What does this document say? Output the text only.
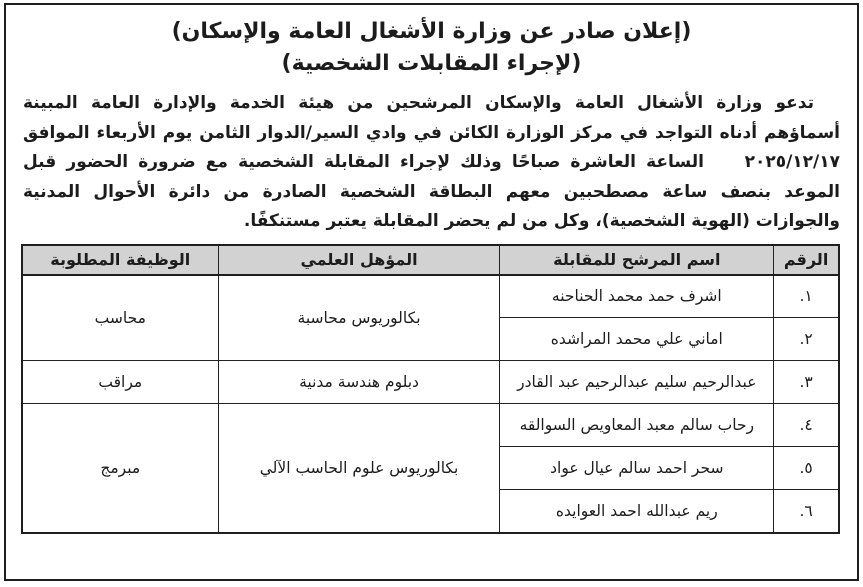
(إعلان صادر عن وزارة الأشغال العامة والإسكان)
(لإجراء المقابلات الشخصية)

تدعو وزارة الأشغال العامة والإسكان المرشحين من هيئة الخدمة والإدارة العامة المبينة أسماؤهم أدناه التواجد في مركز الوزارة الكائن في وادي السير/الدوار الثامن يوم الأربعاء الموافق ٢٠٢٥/١٢/١٧    الساعة العاشرة صباحًا وذلك لإجراء المقابلة الشخصية مع ضرورة الحضور قبل الموعد بنصف ساعة مصطحبين معهم البطاقة الشخصية الصادرة من دائرة الأحوال المدنية والجوازات (الهوية الشخصية)، وكل من لم يحضر المقابلة يعتبر مستنكفًا.

الرقم	اسم المرشح للمقابلة	المؤهل العلمي	الوظيفة المطلوبة
١.	اشرف حمد محمد الحناحنه	بكالوريوس محاسبة	محاسب
٢.	اماني علي محمد المراشده		
٣.	عبدالرحيم سليم عبدالرحيم عبد القادر	دبلوم هندسة مدنية	مراقب
٤.	رحاب سالم معبد المعاويص السوالقه	بكالوريوس علوم الحاسب الآلي	مبرمج
٥.	سحر احمد سالم عيال عواد		
٦.	ريم عبدالله احمد العوايده		
